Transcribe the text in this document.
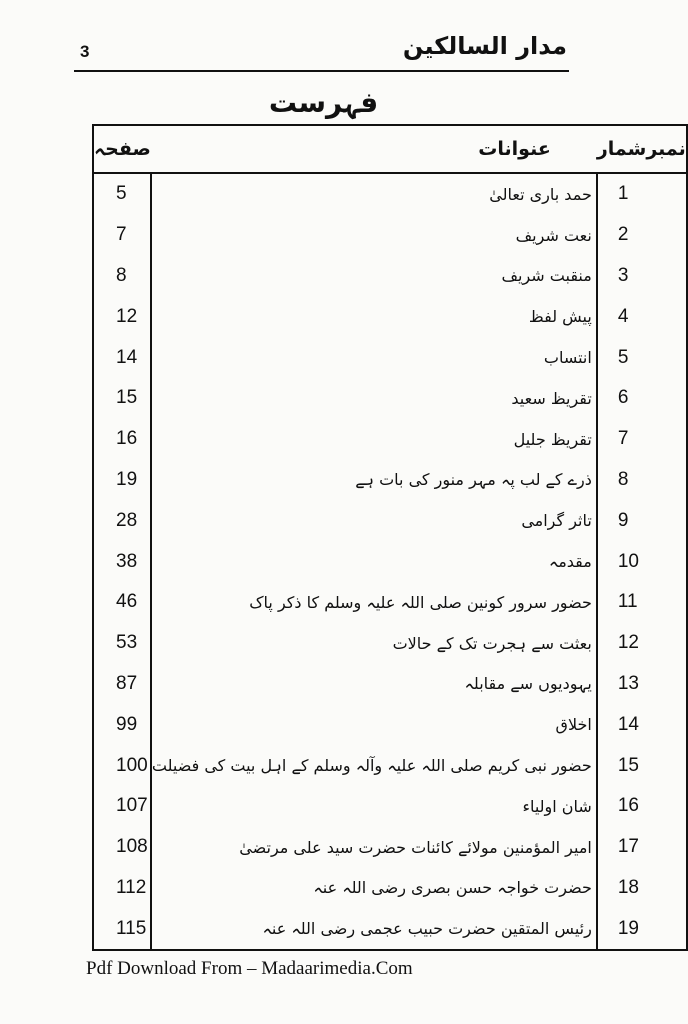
مدار السالکین
3
فہرست
نمبرشمار	عنوانات	صفحہ
1	حمد باری تعالیٰ	5
2	نعت شریف	7
3	منقبت شریف	8
4	پیش لفظ	12
5	انتساب	14
6	تقریظ سعید	15
7	تقریظ جلیل	16
8	ذرے کے لب پہ مہر منور کی بات ہے	19
9	تاثر گرامی	28
10	مقدمہ	38
11	حضور سرور کونین صلی اللہ علیہ وسلم کا ذکر پاک	46
12	بعثت سے ہجرت تک کے حالات	53
13	یہودیوں سے مقابلہ	87
14	اخلاق	99
15	حضور نبی کریم صلی اللہ علیہ وآلہ وسلم کے اہل بیت کی فضیلت	100
16	شان اولیاء	107
17	امیر المؤمنین مولائے کائنات حضرت سید علی مرتضیٰ	108
18	حضرت خواجہ حسن بصری رضی اللہ عنہ	112
19	رئیس المتقین حضرت حبیب عجمی رضی اللہ عنہ	115
Pdf Download From – Madaarimedia.Com
